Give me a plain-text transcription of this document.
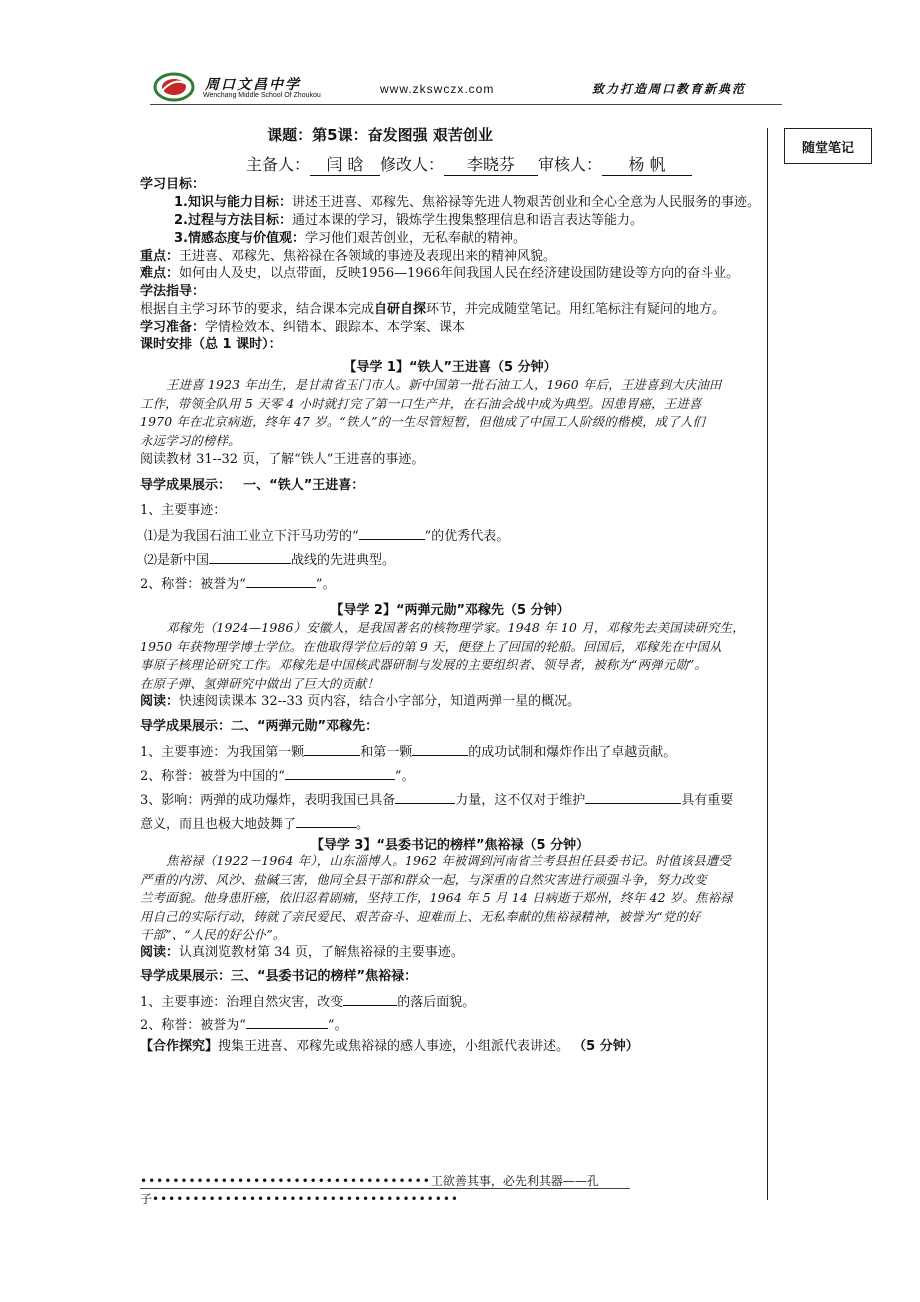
周口文昌中学
Wenchang Middle School Of Zhoukou	www.zkswczx.com	致力打造周口教育新典范
随堂笔记
课题：第5课：奋发图强 艰苦创业
主备人： 闫 晗 修改人： 李晓芬 审核人： 杨 帆
学习目标：
1.知识与能力目标：讲述王进喜、邓稼先、焦裕禄等先进人物艰苦创业和全心全意为人民服务的事迹。
2.过程与方法目标：通过本课的学习，锻炼学生搜集整理信息和语言表达等能力。
3.情感态度与价值观：学习他们艰苦创业，无私奉献的精神。
重点：王进喜、邓稼先、焦裕禄在各领域的事迹及表现出来的精神风貌。
难点：如何由人及史，以点带面，反映1956—1966年间我国人民在经济建设国防建设等方向的奋斗业。
学法指导：
根据自主学习环节的要求，结合课本完成自研自探环节，并完成随堂笔记。用红笔标注有疑问的地方。
学习准备：学情检效本、纠错本、跟踪本、本学案、课本
课时安排（总 1 课时）：
【导学 1】“铁人”王进喜（5 分钟）
王进喜 1923 年出生，是甘肃省玉门市人。新中国第一批石油工人，1960 年后，王进喜到大庆油田
工作，带领全队用 5 天零 4 小时就打完了第一口生产井，在石油会战中成为典型。因患胃癌，王进喜
1970 年在北京病逝，终年 47 岁。“铁人”的一生尽管短暂，但他成了中国工人阶级的楷模，成了人们
永远学习的榜样。
阅读教材 31--32 页，了解“铁人”王进喜的事迹。
导学成果展示： 一、“铁人”王进喜：
1、主要事迹：
⑴是为我国石油工业立下汗马功劳的“	”的优秀代表。
⑵是新中国	战线的先进典型。
2、称誉：被誉为“	”。
【导学 2】“两弹元勋”邓稼先（5 分钟）
邓稼先（1924—1986）安徽人，是我国著名的核物理学家。1948 年 10 月，邓稼先去美国读研究生，
1950 年获物理学博士学位。在他取得学位后的第 9 天，便登上了回国的轮船。回国后，邓稼先在中国从
事原子核理论研究工作。邓稼先是中国核武器研制与发展的主要组织者、领导者，被称为“两弹元勋”。
在原子弹、氢弹研究中做出了巨大的贡献！
阅读：快速阅读课本 32--33 页内容，结合小字部分，知道两弹一星的概况。
导学成果展示：二、“两弹元勋”邓稼先：
1、主要事迹：为我国第一颗	和第一颗	的成功试制和爆炸作出了卓越贡献。
2、称誉：被誉为中国的“	”。
3、影响：两弹的成功爆炸，表明我国已具备	力量，这不仅对于维护	具有重要
意义，而且也极大地鼓舞了	。
【导学 3】“县委书记的榜样”焦裕禄（5 分钟）
焦裕禄（1922－1964 年），山东淄博人。1962 年被调到河南省兰考县担任县委书记。时值该县遭受
严重的内涝、风沙、盐碱三害，他同全县干部和群众一起，与深重的自然灾害进行顽强斗争，努力改变
兰考面貌。他身患肝癌，依旧忍着剧痛，坚持工作，1964 年 5 月 14 日病逝于郑州，终年 42 岁。焦裕禄
用自己的实际行动，铸就了亲民爱民、艰苦奋斗、迎难而上、无私奉献的焦裕禄精神，被誉为“党的好
干部”、“人民的好公仆”。
阅读：认真浏览教材第 34 页，了解焦裕禄的主要事迹。
导学成果展示：三、“县委书记的榜样”焦裕禄：
1、主要事迹：治理自然灾害，改变	的落后面貌。
2、称誉：被誉为“	”。
【合作探究】搜集王进喜、邓稼先或焦裕禄的感人事迹，小组派代表讲述。 （5 分钟）
••••••••••••••••••••••••••••••••••••工欲善其事，必先利其器——孔
子••••••••••••••••••••••••••••••••••••••
